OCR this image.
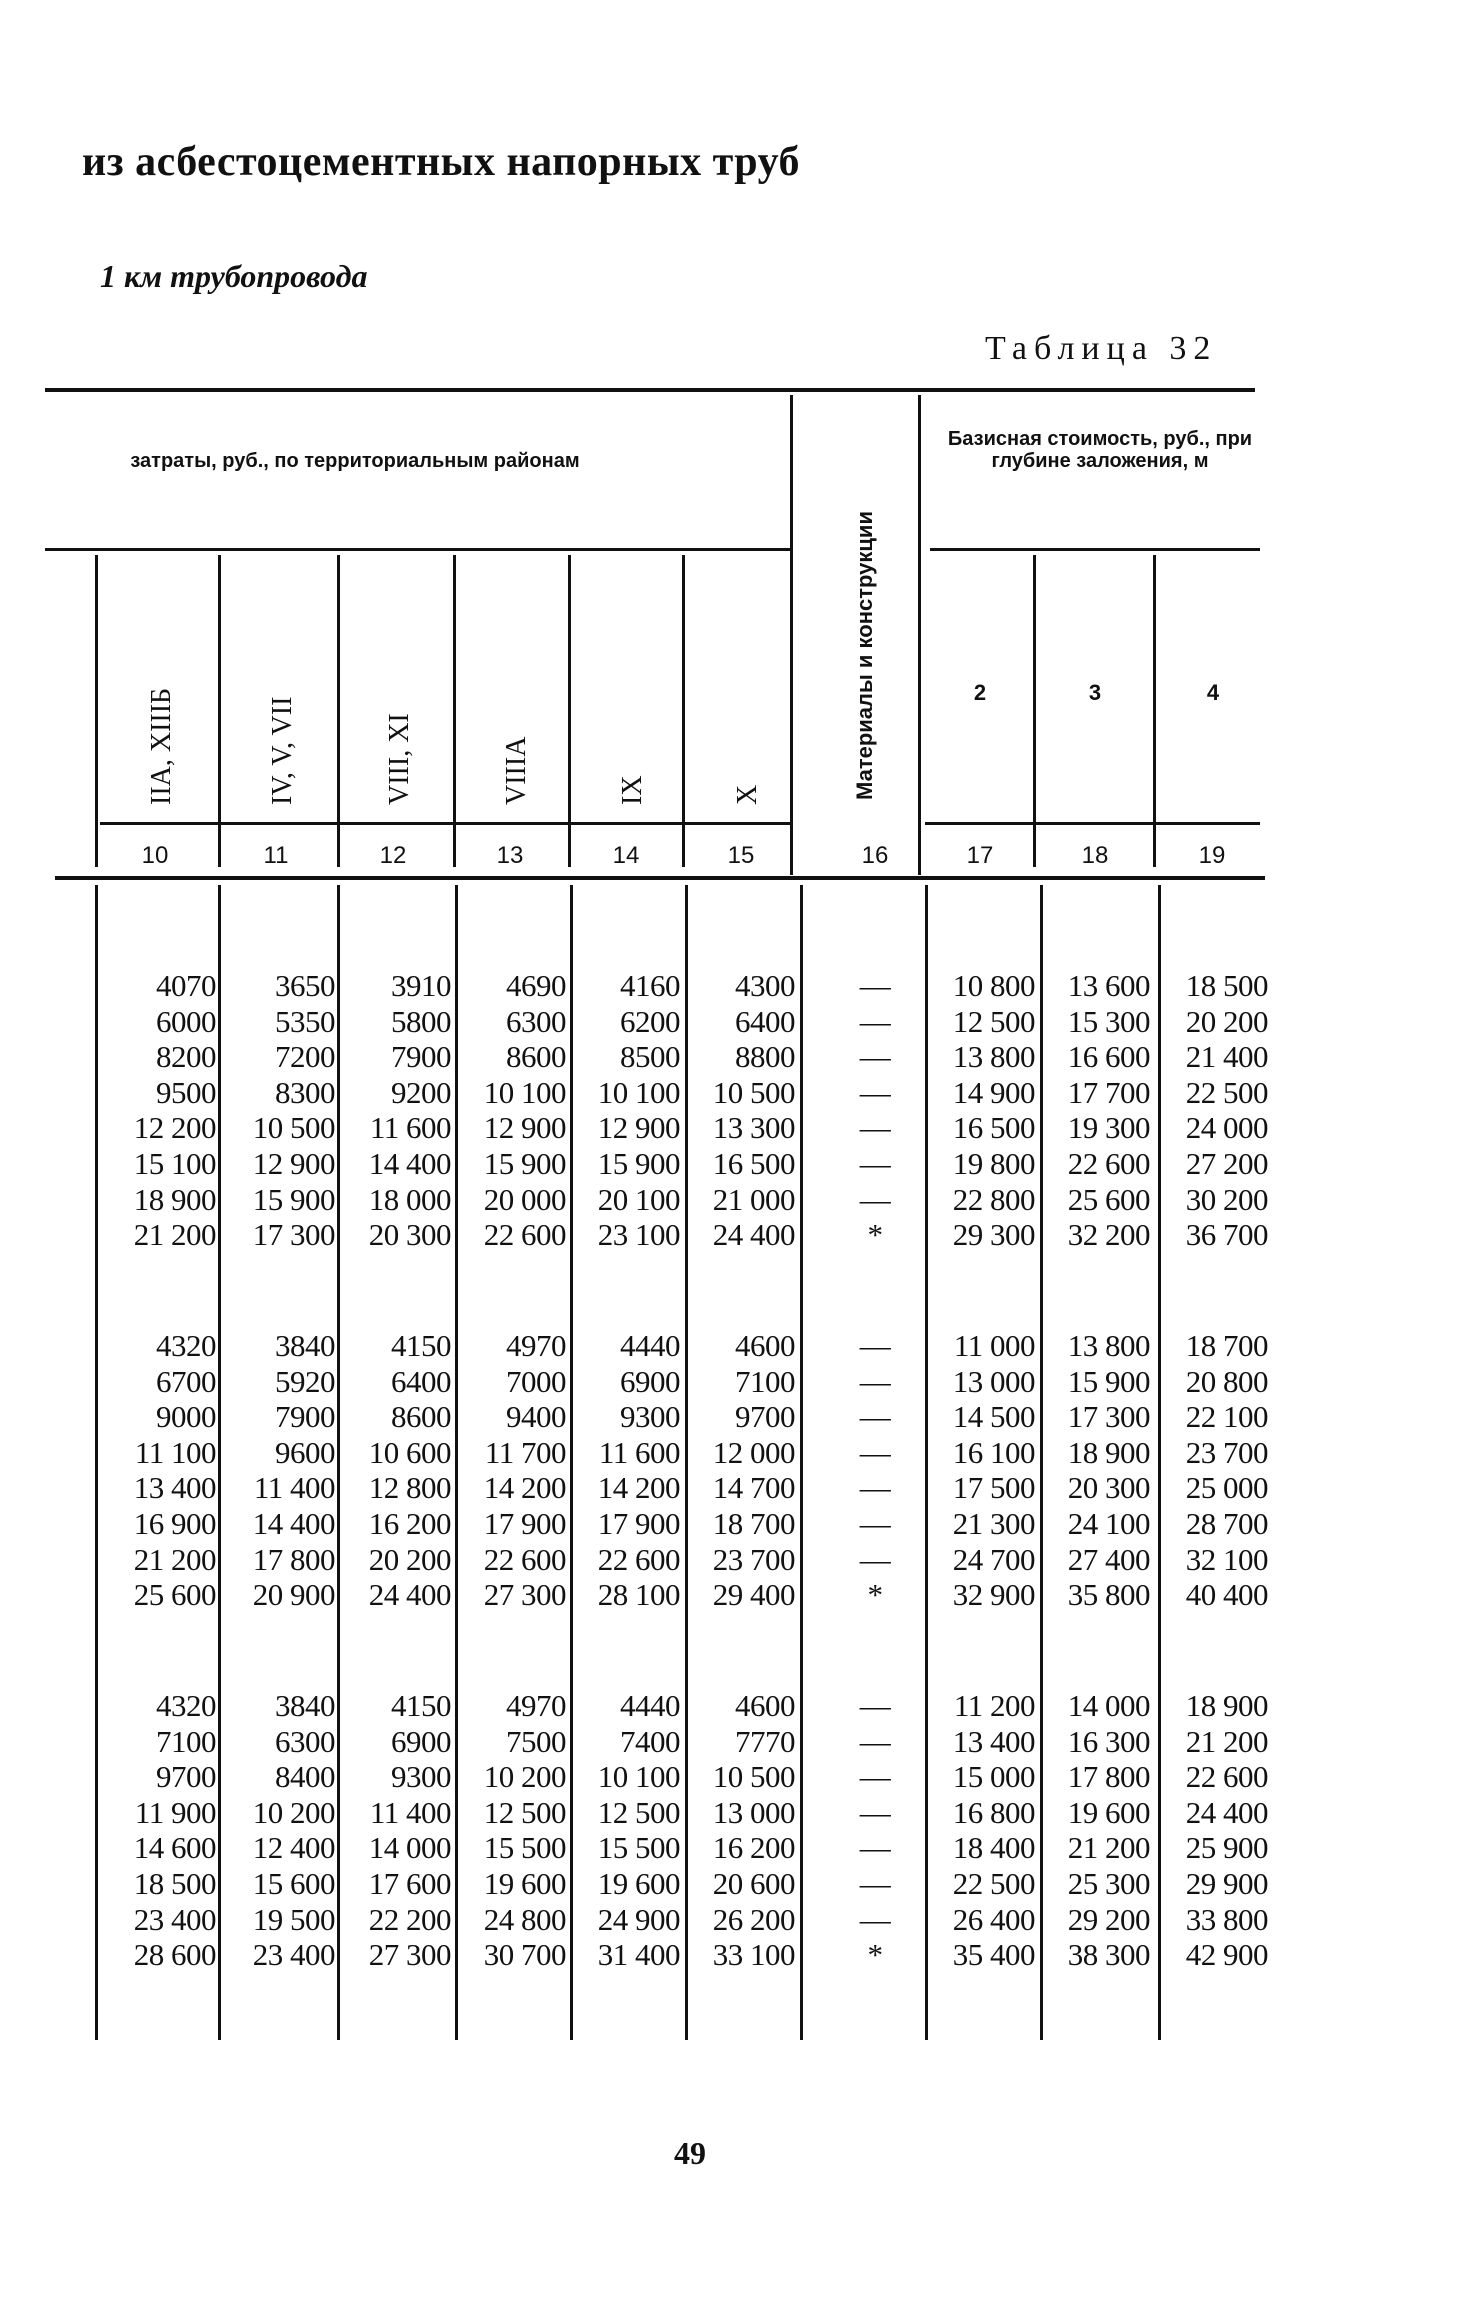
из асбестоцементных напорных труб
1 км трубопровода
Таблица 32
затраты, руб., по территориальным районам
Базисная стоимость, руб., при глубине заложения, м
Материалы и конструкции
IIA, XIIIБ	IV, V, VII	VIII, XI	VIIIA	IX	X
2	3	4
10	11	12	13	14	15	16	17	18	19
4070	3650	3910	4690	4160	4300	—	10 800	13 600	18 500
6000	5350	5800	6300	6200	6400	—	12 500	15 300	20 200
8200	7200	7900	8600	8500	8800	—	13 800	16 600	21 400
9500	8300	9200	10 100	10 100	10 500	—	14 900	17 700	22 500
12 200	10 500	11 600	12 900	12 900	13 300	—	16 500	19 300	24 000
15 100	12 900	14 400	15 900	15 900	16 500	—	19 800	22 600	27 200
18 900	15 900	18 000	20 000	20 100	21 000	—	22 800	25 600	30 200
21 200	17 300	20 300	22 600	23 100	24 400	*	29 300	32 200	36 700
4320	3840	4150	4970	4440	4600	—	11 000	13 800	18 700
6700	5920	6400	7000	6900	7100	—	13 000	15 900	20 800
9000	7900	8600	9400	9300	9700	—	14 500	17 300	22 100
11 100	9600	10 600	11 700	11 600	12 000	—	16 100	18 900	23 700
13 400	11 400	12 800	14 200	14 200	14 700	—	17 500	20 300	25 000
16 900	14 400	16 200	17 900	17 900	18 700	—	21 300	24 100	28 700
21 200	17 800	20 200	22 600	22 600	23 700	—	24 700	27 400	32 100
25 600	20 900	24 400	27 300	28 100	29 400	*	32 900	35 800	40 400
4320	3840	4150	4970	4440	4600	—	11 200	14 000	18 900
7100	6300	6900	7500	7400	7770	—	13 400	16 300	21 200
9700	8400	9300	10 200	10 100	10 500	—	15 000	17 800	22 600
11 900	10 200	11 400	12 500	12 500	13 000	—	16 800	19 600	24 400
14 600	12 400	14 000	15 500	15 500	16 200	—	18 400	21 200	25 900
18 500	15 600	17 600	19 600	19 600	20 600	—	22 500	25 300	29 900
23 400	19 500	22 200	24 800	24 900	26 200	—	26 400	29 200	33 800
28 600	23 400	27 300	30 700	31 400	33 100	*	35 400	38 300	42 900
49
